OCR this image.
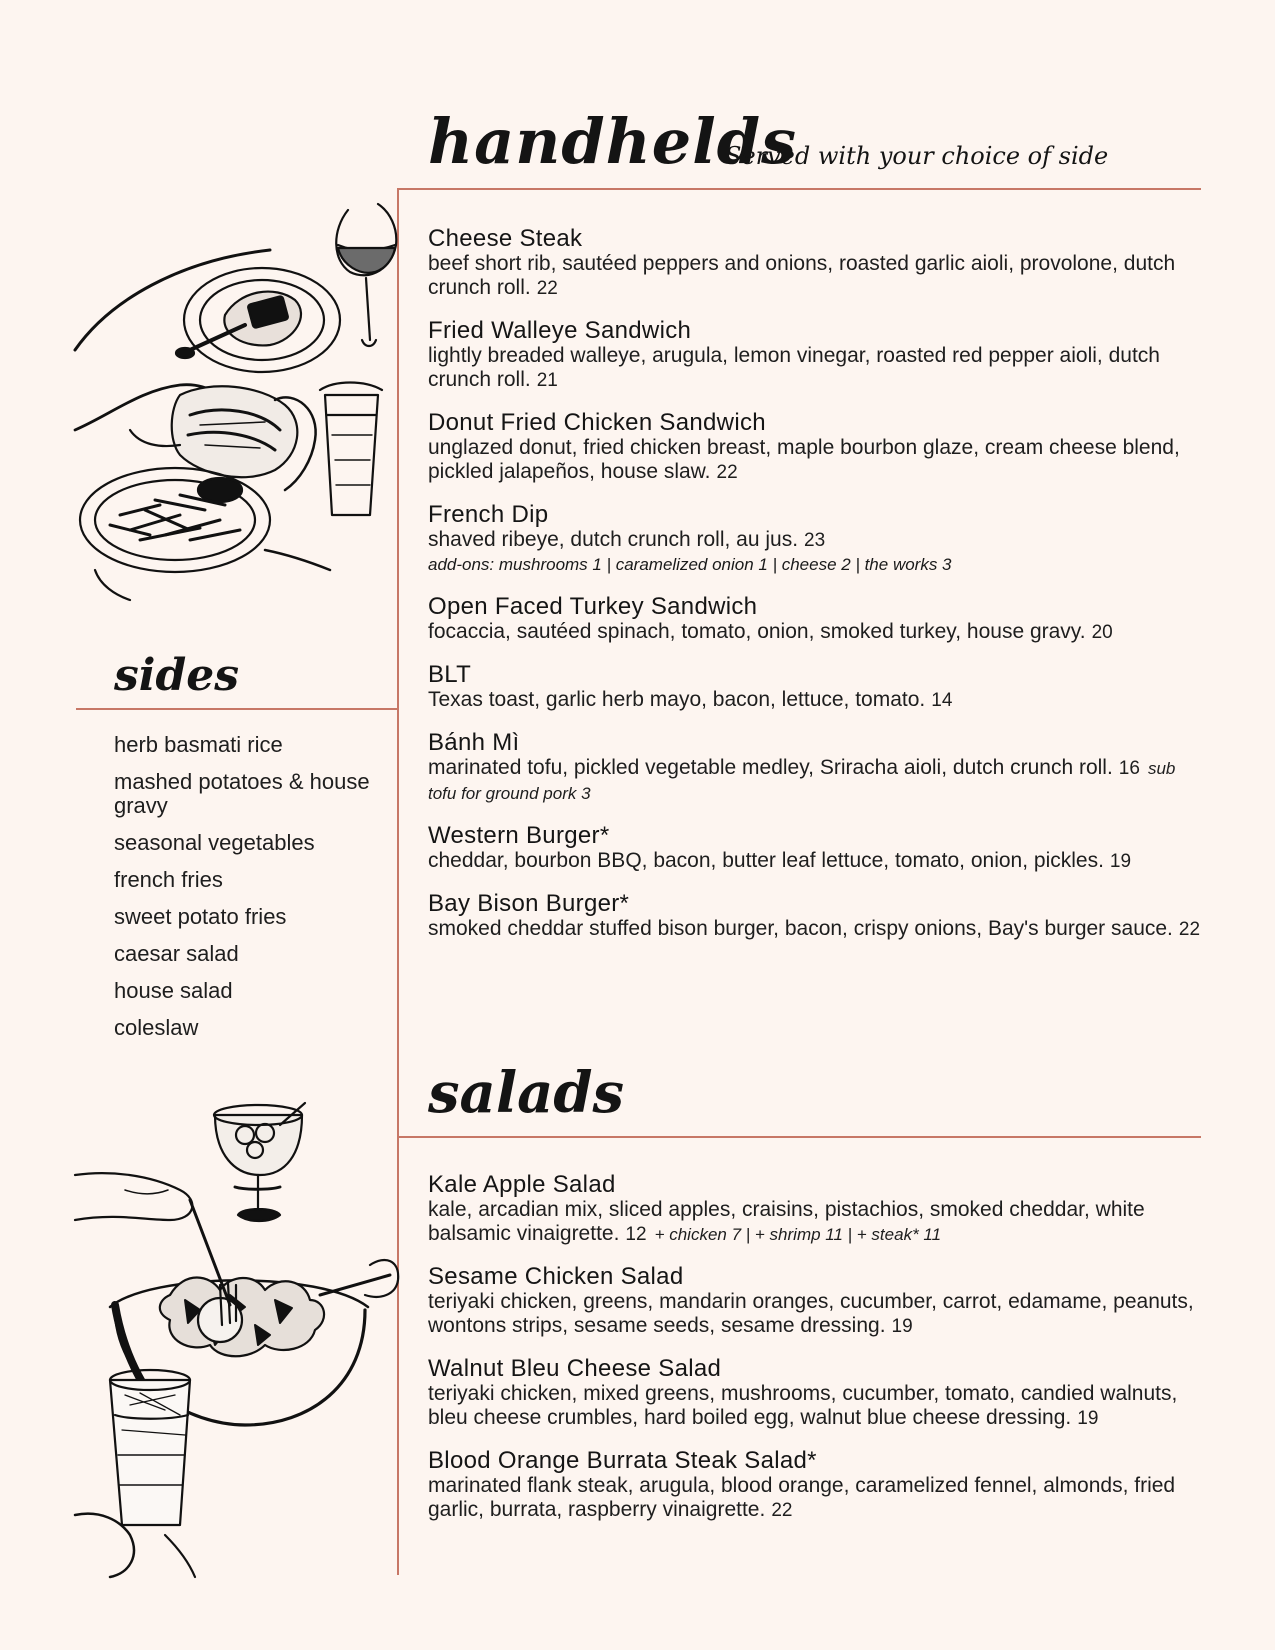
handhelds
Served with your choice of side
sides
salads
Cheese Steak
beef short rib, sautéed peppers and onions, roasted garlic aioli, provolone, dutch crunch roll. 22
Fried Walleye Sandwich
lightly breaded walleye, arugula, lemon vinegar, roasted red pepper aioli, dutch crunch roll. 21
Donut Fried Chicken Sandwich
unglazed donut, fried chicken breast, maple bourbon glaze, cream cheese blend, pickled jalapeños, house slaw. 22
French Dip
shaved ribeye, dutch crunch roll, au jus. 23
add-ons: mushrooms 1 | caramelized onion 1 | cheese 2 | the works 3
Open Faced Turkey Sandwich
focaccia, sautéed spinach, tomato, onion, smoked turkey, house gravy. 20
BLT
Texas toast, garlic herb mayo, bacon, lettuce, tomato. 14
Bánh Mì
marinated tofu, pickled vegetable medley, Sriracha aioli, dutch crunch roll. 16 sub tofu for ground pork 3
Western Burger*
cheddar, bourbon BBQ, bacon, butter leaf lettuce, tomato, onion, pickles. 19
Bay Bison Burger*
smoked cheddar stuffed bison burger, bacon, crispy onions, Bay's burger sauce. 22
herb basmati rice
mashed potatoes & house gravy
seasonal vegetables
french fries
sweet potato fries
caesar salad
house salad
coleslaw
Kale Apple Salad
kale, arcadian mix, sliced apples, craisins, pistachios, smoked cheddar, white balsamic vinaigrette. 12 + chicken 7 | + shrimp 11 | + steak* 11
Sesame Chicken Salad
teriyaki chicken, greens, mandarin oranges, cucumber, carrot, edamame, peanuts, wontons strips, sesame seeds, sesame dressing. 19
Walnut Bleu Cheese Salad
teriyaki chicken, mixed greens, mushrooms, cucumber, tomato, candied walnuts, bleu cheese crumbles, hard boiled egg, walnut blue cheese dressing. 19
Blood Orange Burrata Steak Salad*
marinated flank steak, arugula, blood orange, caramelized fennel, almonds, fried garlic, burrata, raspberry vinaigrette. 22
